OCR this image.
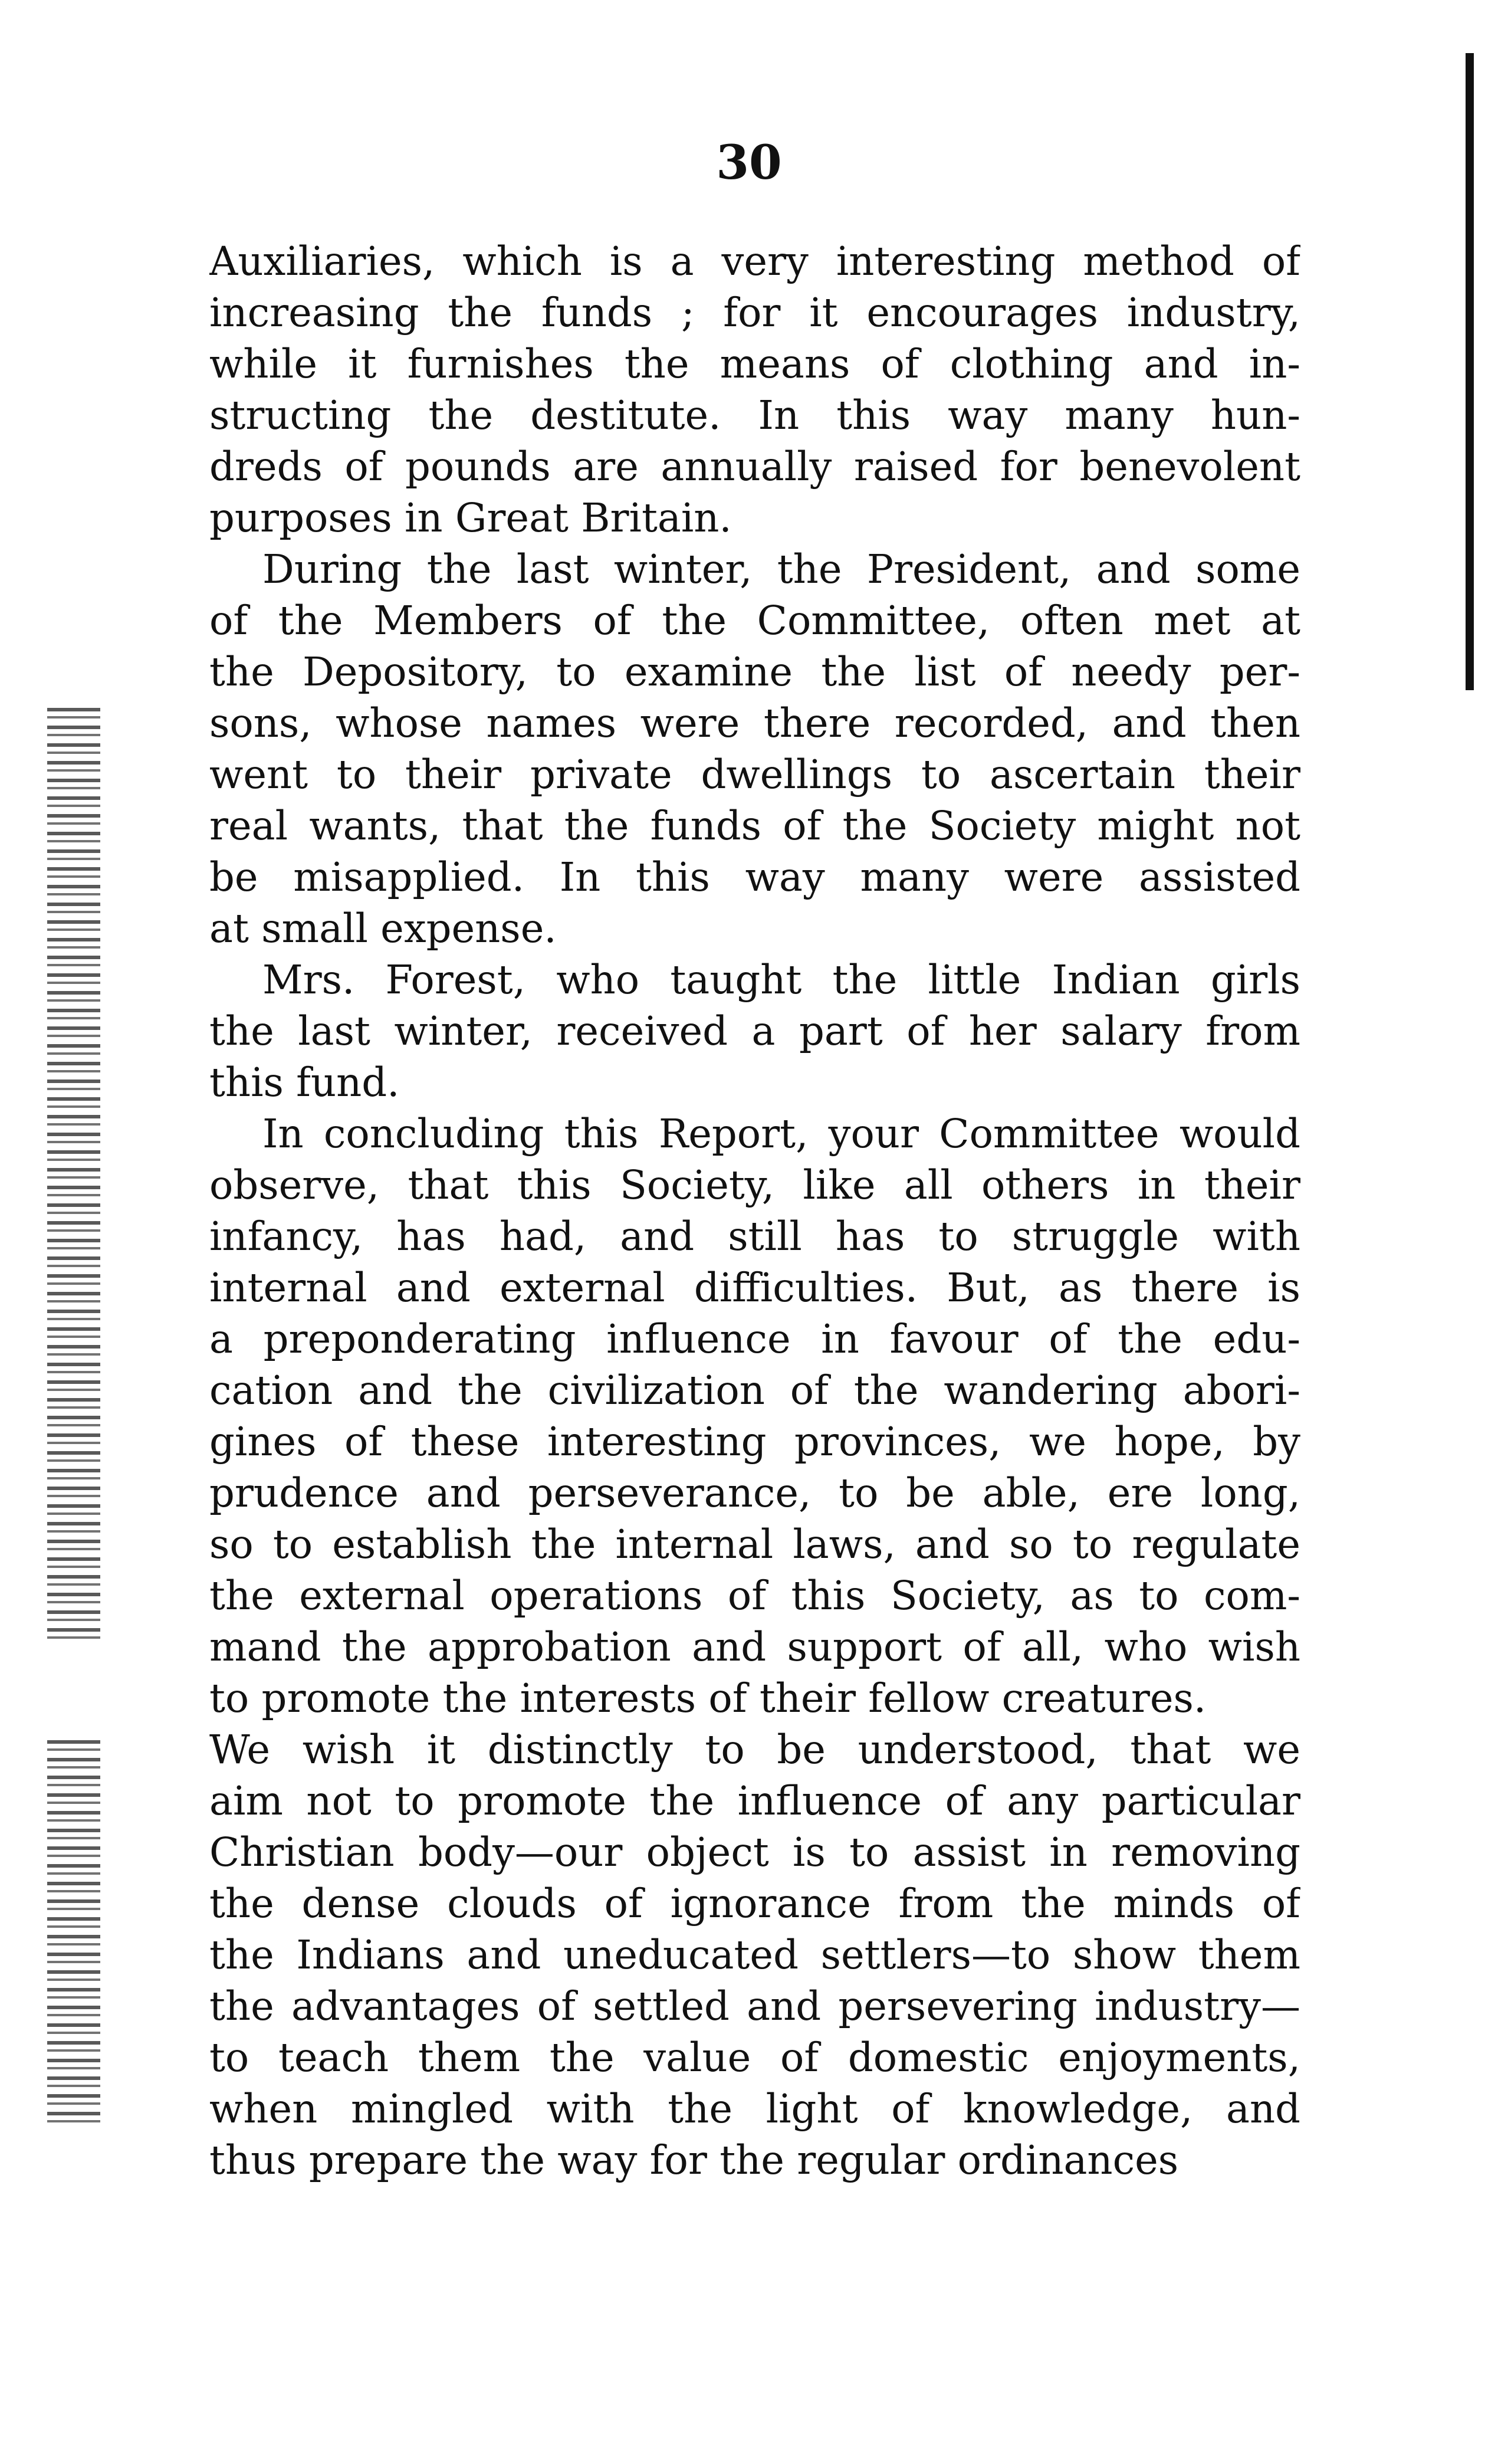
30
Auxiliaries, which is a very interesting method of
increasing the funds ; for it encourages industry,
while it furnishes the means of clothing and in-
structing the destitute. In this way many hun-
dreds of pounds are annually raised for benevolent
purposes in Great Britain.
During the last winter, the President, and some
of the Members of the Committee, often met at
the Depository, to examine the list of needy per-
sons, whose names were there recorded, and then
went to their private dwellings to ascertain their
real wants, that the funds of the Society might not
be misapplied. In this way many were assisted
at small expense.
Mrs. Forest, who taught the little Indian girls
the last winter, received a part of her salary from
this fund.
In concluding this Report, your Committee would
observe, that this Society, like all others in their
infancy, has had, and still has to struggle with
internal and external difficulties. But, as there is
a preponderating influence in favour of the edu-
cation and the civilization of the wandering abori-
gines of these interesting provinces, we hope, by
prudence and perseverance, to be able, ere long,
so to establish the internal laws, and so to regulate
the external operations of this Society, as to com-
mand the approbation and support of all, who wish
to promote the interests of their fellow creatures.
We wish it distinctly to be understood, that we
aim not to promote the influence of any particular
Christian body—our object is to assist in removing
the dense clouds of ignorance from the minds of
the Indians and uneducated settlers—to show them
the advantages of settled and persevering industry—
to teach them the value of domestic enjoyments,
when mingled with the light of knowledge, and
thus prepare the way for the regular ordinances
